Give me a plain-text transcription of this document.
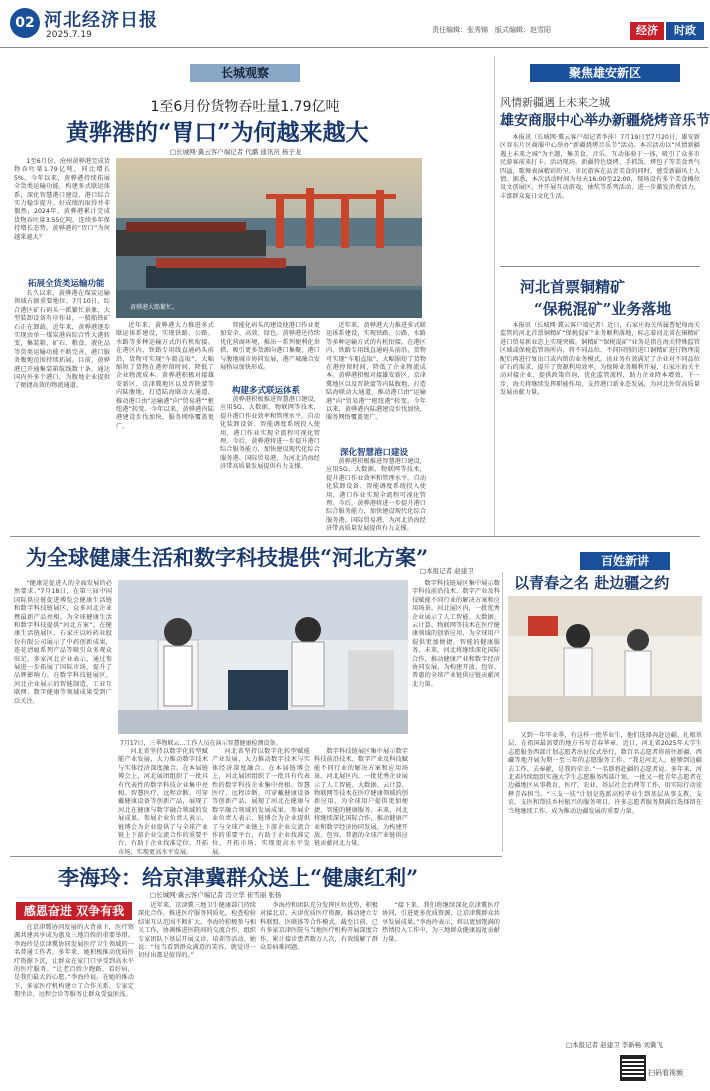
02 河北经济日报
2025.7.19	责任编辑：张秀锦　版式编辑：赵雪阳	经济	时政
长城观察
1至6月份货物吞吐量1.79亿吨
黄骅港的“胃口”为何越来越大
□长城网·冀云客户端记者 代璐 通讯员 杨子龙

1至6月份，沧州黄骅港完成货物吞吐量1.79亿吨，同比增长5%。今年以来，黄骅港持续拓展全货类运输功能，构建多式联运体系，深化智慧港口建设，港口综合实力稳步提升。好成绩的取得并非偶然，2024年，黄骅港累计完成货物吞吐量3.55亿吨，连续多年保持增长态势。黄骅港的“胃口”为何越来越大？

拓展全货类运输功能

长久以来，黄骅港在煤炭运输领域占据重要地位。7月10日，综合港区矿石码头一派繁忙景象，大型装卸设备有序作业，一船船铁矿石正在卸载。近年来，黄骅港逐步实现由单一煤炭港向综合性大港转变，集装箱、矿石、粮食、液化品等货类运输功能不断完善，港口服务腹地范围持续拓展。目前，黄骅港已开通集装箱航线数十条，通达国内外多个港口，为腹地企业提供了便捷高效的物流通道。

黄骅港大船繁忙。

近年来，黄骅港大力推进多式联运体系建设，实现铁路、公路、水路等多种运输方式的有机衔接。在港区内，铁路专用线直通码头前沿，货物可实现“车船直取”，大幅缩短了货物在港停留时间，降低了企业物流成本。黄骅港积极对接雄安新区、京津冀地区以及晋陕蒙等内陆腹地，打造陆海联动大通道，推动港口由“运输港”向“贸易港”“枢纽港”转变。今年以来，黄骅港内陆港建设步伐加快，服务网络覆盖更广。

智能化码头的建设使港口作业更加安全、高效、绿色。黄骅港还持续优化营商环境，推出一系列便利化举措，吸引更多货源向港口集聚。港口与腹地城市协同发展，港产城融合发展格局加快形成。

构建多式联运体系

黄骅港积极推进智慧港口建设，应用5G、大数据、物联网等技术，提升港口作业效率和管理水平。自动化装卸设备、智能调度系统投入使用，港口作业实现全流程可视化管理。今后，黄骅港将进一步提升港口综合服务能力，加快建设现代化综合服务港、国际贸易港，为河北沿海经济带高质量发展提供有力支撑。

近年来，黄骅港大力推进多式联运体系建设，实现铁路、公路、水路等多种运输方式的有机衔接。在港区内，铁路专用线直通码头前沿，货物可实现“车船直取”，大幅缩短了货物在港停留时间，降低了企业物流成本。黄骅港积极对接雄安新区、京津冀地区以及晋陕蒙等内陆腹地，打造陆海联动大通道，推动港口由“运输港”向“贸易港”“枢纽港”转变。今年以来，黄骅港内陆港建设步伐加快，服务网络覆盖更广。

深化智慧港口建设

黄骅港积极推进智慧港口建设，应用5G、大数据、物联网等技术，提升港口作业效率和管理水平。自动化装卸设备、智能调度系统投入使用，港口作业实现全流程可视化管理。今后，黄骅港将进一步提升港口综合服务能力，加快建设现代化综合服务港、国际贸易港，为河北沿海经济带高质量发展提供有力支撑。

聚焦雄安新区
风情新疆遇上未来之城
雄安商服中心举办新疆烧烤音乐节

本报讯（长城网·冀云客户端记者李萍）7月19日至7月20日，雄安新区容东片区商服中心举办“新疆烧烤音乐节”活动。本次活动以“风情新疆遇上未来之城”为主题，集美食、音乐、互动体验于一体，吸引了众多市民游客前来打卡。活动现场，新疆特色烧烤、手抓饭、烤包子等美食香气四溢，歌舞表演精彩纷呈，市民游客在品尝美食的同时，感受新疆风土人情。据悉，本次活动时间为每天16:00至22:00，现场设有多个美食摊位及文创展区，并开展互动游戏、抽奖等系列活动，进一步激发消费活力，丰富群众夏日文化生活。

河北首票铜精矿
“保税混矿”业务落地

本报讯（长城网·冀云客户端记者）近日，石家庄海关所属曹妃甸海关监管的河北首票铜精矿“保税混矿”业务顺利落地，标志着河北省在铜精矿进口贸易新业态上实现突破。铜精矿“保税混矿”业务是指在海关特殊监管区域或保税监管场所内，将不同品位、不同国别的进口铜精矿进行物理混配后再进行复出口或内销的业务模式。该业务有效满足了企业对不同品位矿石的需求，提升了资源利用效率。为保障业务顺利开展，石家庄海关主动对接企业，提供政策咨询，优化监管流程，助力企业降本增效。下一步，海关将继续发挥职能作用，支持港口新业态发展，为河北外贸高质量发展贡献力量。

为全球健康生活和数字科技提供“河北方案”
□本报记者 赵建卫

“健康是促进人的全面发展的必然要求。”7月18日，在第三届中国国际供应链促进博览会健康生活链和数字科技链展区，众多河北企业携最新产品亮相，为全球健康生活和数字科技提供“河北方案”。在健康生活链展区，石家庄以岭药业股份有限公司展示了中药创新成果，连花清瘟系列产品等吸引众多观众驻足。多家河北企业表示，通过参展进一步拓展了国际市场，提升了品牌影响力。在数字科技链展区，河北企业展示的智能制造、工业互联网、数字健康等领域成果受到广泛关注。

7月17日，三季物联云…工作人员在演示智慧健康检测设备。

河北省坚持以数字化转型赋能产业发展，大力推动数字技术与实体经济深度融合。在本届链博会上，河北展团组织了一批具有代表性的数字科技企业集中亮相。智慧医疗、远程诊断、可穿戴健康设备等创新产品，展现了河北在健康与数字融合领域的发展成果。参展企业负责人表示，链博会为企业提供了与全球产业链上下游企业交流合作的重要平台，有助于企业找准定位、开拓市场、实现更高水平发展。

河北省坚持以数字化转型赋能产业发展，大力推动数字技术与实体经济深度融合。在本届链博会上，河北展团组织了一批具有代表性的数字科技企业集中亮相。智慧医疗、远程诊断、可穿戴健康设备等创新产品，展现了河北在健康与数字融合领域的发展成果。参展企业负责人表示，链博会为企业提供了与全球产业链上下游企业交流合作的重要平台，有助于企业找准定位、开拓市场、实现更高水平发展。

数字科技链展区集中展示数字科技前沿技术、数字产业及科技赋能不同行业的解决方案和应用场景。河北展区内，一批优秀企业展示了人工智能、大数据、云计算、物联网等技术在医疗健康领域的创新应用，为全球用户提供更加便捷、智能的健康服务。未来，河北将继续深化国际合作，推动健康产业和数字经济协同发展，为构建开放、包容、普惠的全球产业链供应链贡献河北力量。

数字科技链展区集中展示数字科技前沿技术、数字产业及科技赋能不同行业的解决方案和应用场景。河北展区内，一批优秀企业展示了人工智能、大数据、云计算、物联网等技术在医疗健康领域的创新应用，为全球用户提供更加便捷、智能的健康服务。未来，河北将继续深化国际合作，推动健康产业和数字经济协同发展，为构建开放、包容、普惠的全球产业链供应链贡献河北力量。

百姓新讲
以青春之名 赴边疆之约

又到一年毕业季，有这样一批毕业生，他们选择奔赴边疆、扎根基层，在祖国最需要的地方书写青春华章。近日，河北省2025年大学生志愿服务西部计划志愿者出征仪式举行，数百名志愿者将前往新疆、西藏等地开展为期一至三年的志愿服务工作。“我是河北人，能够到边疆去工作、去奉献，是我的荣幸。”一名即将赴疆的志愿者说。多年来，河北省持续组织实施大学生志愿服务西部计划，一批又一批青年志愿者在边疆地区从事教育、医疗、农业、基层社会治理等工作，用实际行动诠释青春担当。“三支一扶”计划是选派高校毕业生到基层从事支教、支农、支医和帮扶乡村振兴的服务项目。许多志愿者服务期满后选择留在当地继续工作，成为推动边疆发展的重要力量。

□本报记者 赵建卫 李新畅 刘冀飞
扫码看视频
李海玲：给京津冀群众送上“健康红利”
□长城网·冀云客户端记者 冯立华 崔雪丽 张扬
感恩奋进 双争有我

在京津冀协同发展的大背景下，医疗资源共建共享成为惠及三地百姓的重要举措。李海玲是京津冀协同发展医疗卫生领域的一名普通工作者，多年来，她积极推动优质医疗资源下沉，让群众在家门口享受到高水平的医疗服务。“让老百姓少跑路、看好病，是我们最大的心愿。”李海玲说。在她的推动下，多家医疗机构建立了合作关系，专家定期坐诊、远程会诊等服务让群众受益匪浅。

近年来，京津冀三地卫生健康部门持续深化合作，推进医疗服务同质化，检查检验结果互认范围不断扩大。李海玲积极参与相关工作，协调推进医院间的交流合作，组织专家团队下基层开展义诊、培训等活动。她说：“每当看到群众满意的笑容，就觉得一切付出都是值得的。”

李海玲和团队充分发挥区位优势，积极对接北京、天津优质医疗资源，推动建立专科联盟、医联体等合作模式。截至目前，已有多家京津医院与当地医疗机构开展深度合作，累计接诊患者数万人次，有效缓解了群众看病难问题。

“接下来，我们将继续深化京津冀医疗协同，引进更多优质资源，让京津冀群众共享发展成果。”李海玲表示，将以更加饱满的热情投入工作中，为三地群众健康福祉贡献力量。
